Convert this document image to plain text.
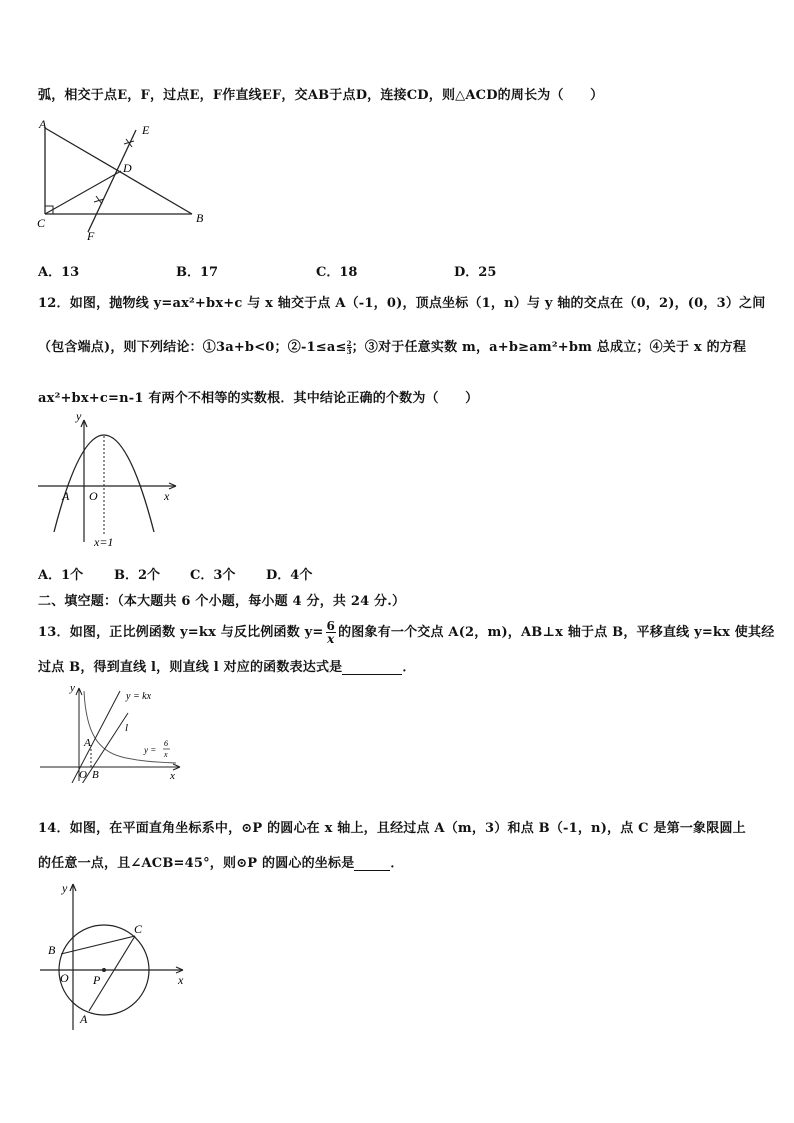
弧，相交于点E，F，过点E，F作直线EF，交AB于点D，连接CD，则△ACD的周长为（　　）
A
B
C
D
E
F
A．13	B．17	C．18	D．25
12．如图，抛物线 y=ax²+bx+c 与 x 轴交于点 A（-1，0)，顶点坐标（1，n）与 y 轴的交点在（0，2)，(0，3）之间
（包含端点)，则下列结论：①3a+b<0；②-1≤a≤ $\frac{2}{3}$；③对于任意实数 m，a+b≥am²+bm 总成立；④关于 x 的方程
ax²+bx+c=n-1 有两个不相等的实数根．其中结论正确的个数为（　　）
y
x
A O
x=1
A．1个 B．2个 C．3个 D．4个
二、填空题：（本大题共 6 个小题，每小题 4 分，共 24 分.）
13．如图，正比例函数 y=kx 与反比例函数 $y= \frac{6}{x}$ 的图象有一个交点 A(2，m)，AB⊥x 轴于点 B，平移直线 y=kx 使其经
过点 B，得到直线 l，则直线 l 对应的函数表达式是	．
y
x
O B
A
l
y = kx
y =
6
x
14．如图，在平面直角坐标系中，⊙P 的圆心在 x 轴上，且经过点 A（m，3）和点 B（-1，n)，点 C 是第一象限圆上
的任意一点，且∠ACB=45°，则⊙P 的圆心的坐标是	．
y
x
O P
B
C
A
